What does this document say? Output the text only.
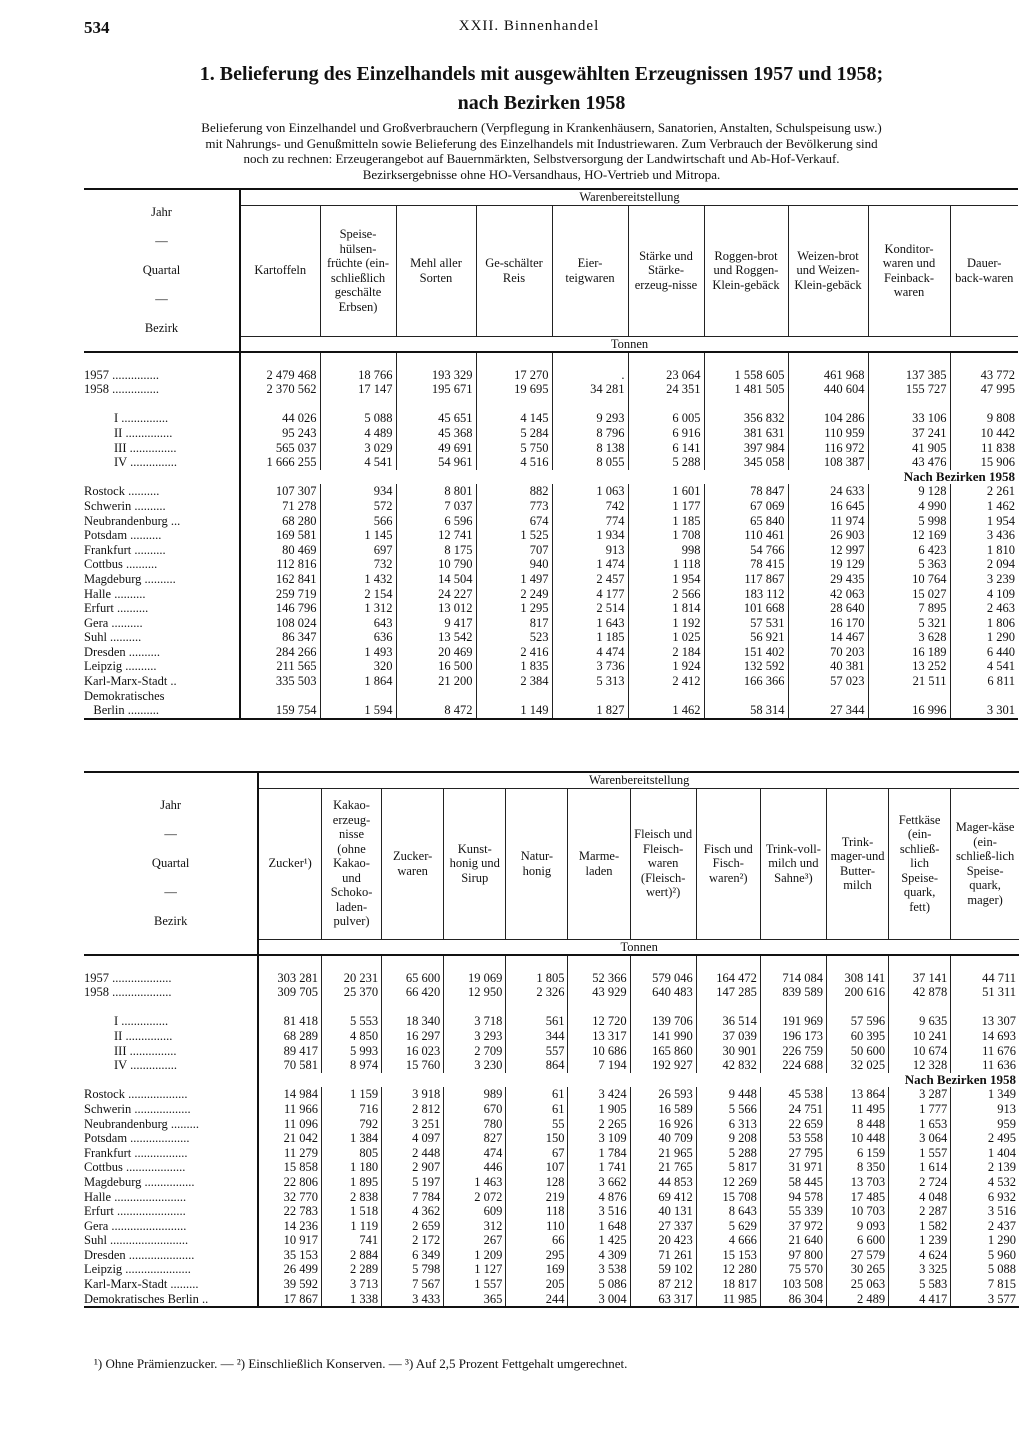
534	XXII. Binnenhandel
1. Belieferung des Einzelhandels mit ausgewählten Erzeugnissen 1957 und 1958;
nach Bezirken 1958
Belieferung von Einzelhandel und Großverbrauchern (Verpflegung in Krankenhäusern, Sanatorien, Anstalten, Schulspeisung usw.)
mit Nahrungs- und Genußmitteln sowie Belieferung des Einzelhandels mit Industriewaren. Zum Verbrauch der Bevölkerung sind
noch zu rechnen: Erzeugerangebot auf Bauernmärkten, Selbstversorgung der Landwirtschaft und Ab-Hof-Verkauf.
Bezirksergebnisse ohne HO-Versandhaus, HO-Vertrieb und Mitropa.
Jahr
—
Quartal
—
Bezirk	Warenbereitstellung									
	Kartoffeln	Speise-hülsen-früchte (ein-schließlich geschälte Erbsen)	Mehl aller Sorten	Ge-schälter Reis	Eier-teigwaren	Stärke und Stärke-erzeug-nisse	Roggen-brot und Roggen-Klein-gebäck	Weizen-brot und Weizen-Klein-gebäck	Konditor-waren und Feinback-waren	Dauer-back-waren
	Tonnen									

1957 ...............	2 479 468	18 766	193 329	17 270	.	23 064	1 558 605	461 968	137 385	43 772
1958 ...............	2 370 562	17 147	195 671	19 695	34 281	24 351	1 481 505	440 604	155 727	47 995

I ...............	44 026	5 088	45 651	4 145	9 293	6 005	356 832	104 286	33 106	9 808
II ...............	95 243	4 489	45 368	5 284	8 796	6 916	381 631	110 959	37 241	10 442
III ...............	565 037	3 029	49 691	5 750	8 138	6 141	397 984	116 972	41 905	11 838
IV ...............	1 666 255	4 541	54 961	4 516	8 055	5 288	345 058	108 387	43 476	15 906
	Nach Bezirken 1958									
Rostock ..........	107 307	934	8 801	882	1 063	1 601	78 847	24 633	9 128	2 261
Schwerin ..........	71 278	572	7 037	773	742	1 177	67 069	16 645	4 990	1 462
Neubrandenburg ...	68 280	566	6 596	674	774	1 185	65 840	11 974	5 998	1 954
Potsdam ..........	169 581	1 145	12 741	1 525	1 934	1 708	110 461	26 903	12 169	3 436
Frankfurt ..........	80 469	697	8 175	707	913	998	54 766	12 997	6 423	1 810
Cottbus ..........	112 816	732	10 790	940	1 474	1 118	78 415	19 129	5 363	2 094
Magdeburg ..........	162 841	1 432	14 504	1 497	2 457	1 954	117 867	29 435	10 764	3 239
Halle ..........	259 719	2 154	24 227	2 249	4 177	2 566	183 112	42 063	15 027	4 109
Erfurt ..........	146 796	1 312	13 012	1 295	2 514	1 814	101 668	28 640	7 895	2 463
Gera ..........	108 024	643	9 417	817	1 643	1 192	57 531	16 170	5 321	1 806
Suhl ..........	86 347	636	13 542	523	1 185	1 025	56 921	14 467	3 628	1 290
Dresden ..........	284 266	1 493	20 469	2 416	4 474	2 184	151 402	70 203	16 189	6 440
Leipzig ..........	211 565	320	16 500	1 835	3 736	1 924	132 592	40 381	13 252	4 541
Karl-Marx-Stadt ..	335 503	1 864	21 200	2 384	5 313	2 412	166 366	57 023	21 511	6 811
Demokratisches										
Berlin ..........	159 754	1 594	8 472	1 149	1 827	1 462	58 314	27 344	16 996	3 301
Jahr
—
Quartal
—
Bezirk	Warenbereitstellung											
	Zucker¹)	Kakao-erzeug-nisse (ohne Kakao-und Schoko-laden-pulver)	Zucker-waren	Kunst-honig und Sirup	Natur-honig	Marme-laden	Fleisch und Fleisch-waren (Fleisch-wert)²)	Fisch und Fisch-waren²)	Trink-voll-milch und Sahne³)	Trink-mager-und Butter-milch	Fettkäse (ein-schließ-lich Speise-quark, fett)	Mager-käse (ein-schließ-lich Speise-quark, mager)
	Tonnen											

1957 ...................	303 281	20 231	65 600	19 069	1 805	52 366	579 046	164 472	714 084	308 141	37 141	44 711
1958 ...................	309 705	25 370	66 420	12 950	2 326	43 929	640 483	147 285	839 589	200 616	42 878	51 311

I ...............	81 418	5 553	18 340	3 718	561	12 720	139 706	36 514	191 969	57 596	9 635	13 307
II ...............	68 289	4 850	16 297	3 293	344	13 317	141 990	37 039	196 173	60 395	10 241	14 693
III ...............	89 417	5 993	16 023	2 709	557	10 686	165 860	30 901	226 759	50 600	10 674	11 676
IV ...............	70 581	8 974	15 760	3 230	864	7 194	192 927	42 832	224 688	32 025	12 328	11 636
	Nach Bezirken 1958											
Rostock ...................	14 984	1 159	3 918	989	61	3 424	26 593	9 448	45 538	13 864	3 287	1 349
Schwerin ..................	11 966	716	2 812	670	61	1 905	16 589	5 566	24 751	11 495	1 777	913
Neubrandenburg .........	11 096	792	3 251	780	55	2 265	16 926	6 313	22 659	8 448	1 653	959
Potsdam ...................	21 042	1 384	4 097	827	150	3 109	40 709	9 208	53 558	10 448	3 064	2 495
Frankfurt .................	11 279	805	2 448	474	67	1 784	21 965	5 288	27 795	6 159	1 557	1 404
Cottbus ...................	15 858	1 180	2 907	446	107	1 741	21 765	5 817	31 971	8 350	1 614	2 139
Magdeburg ................	22 806	1 895	5 197	1 463	128	3 662	44 853	12 269	58 445	13 703	2 724	4 532
Halle .......................	32 770	2 838	7 784	2 072	219	4 876	69 412	15 708	94 578	17 485	4 048	6 932
Erfurt ......................	22 783	1 518	4 362	609	118	3 516	40 131	8 643	55 339	10 703	2 287	3 516
Gera ........................	14 236	1 119	2 659	312	110	1 648	27 337	5 629	37 972	9 093	1 582	2 437
Suhl .........................	10 917	741	2 172	267	66	1 425	20 423	4 666	21 640	6 600	1 239	1 290
Dresden .....................	35 153	2 884	6 349	1 209	295	4 309	71 261	15 153	97 800	27 579	4 624	5 960
Leipzig .....................	26 499	2 289	5 798	1 127	169	3 538	59 102	12 280	75 570	30 265	3 325	5 088
Karl-Marx-Stadt .........	39 592	3 713	7 567	1 557	205	5 086	87 212	18 817	103 508	25 063	5 583	7 815
Demokratisches Berlin ..	17 867	1 338	3 433	365	244	3 004	63 317	11 985	86 304	2 489	4 417	3 577
¹) Ohne Prämienzucker. — ²) Einschließlich Konserven. — ³) Auf 2,5 Prozent Fettgehalt umgerechnet.
